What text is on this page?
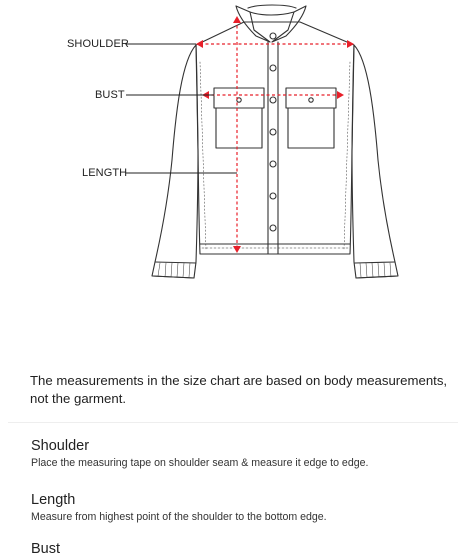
SHOULDER
BUST
LENGTH
The measurements in the size chart are based on body measurements, not the garment.
Shoulder
Place the measuring tape on shoulder seam & measure it edge to edge.
Length
Measure from highest point of the shoulder to the bottom edge.
Bust
